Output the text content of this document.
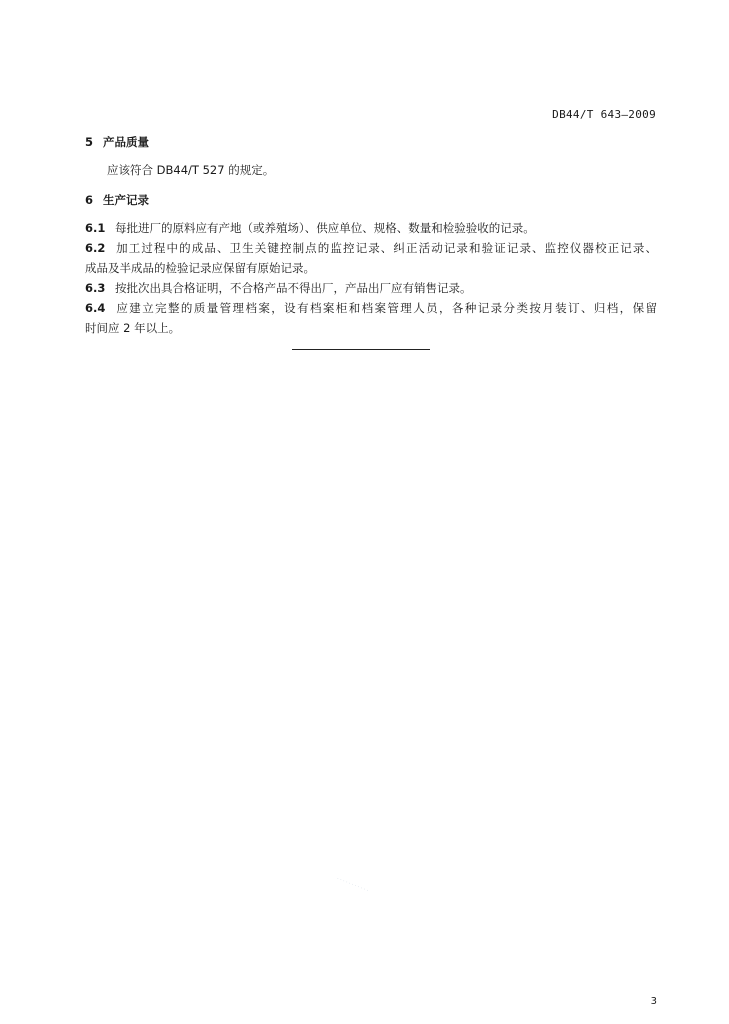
DB44/T 643—2009
5 产品质量
应该符合 DB44/T 527 的规定。
6 生产记录
6.1 每批进厂的原料应有产地（或养殖场）、供应单位、规格、数量和检验验收的记录。
6.2 加工过程中的成品、卫生关键控制点的监控记录、纠正活动记录和验证记录、监控仪器校正记录、
成品及半成品的检验记录应保留有原始记录。
6.3 按批次出具合格证明，不合格产品不得出厂，产品出厂应有销售记录。
6.4 应建立完整的质量管理档案，设有档案柜和档案管理人员，各种记录分类按月装订、归档，保留
时间应 2 年以上。
· · · · · · · · · · ·
3
